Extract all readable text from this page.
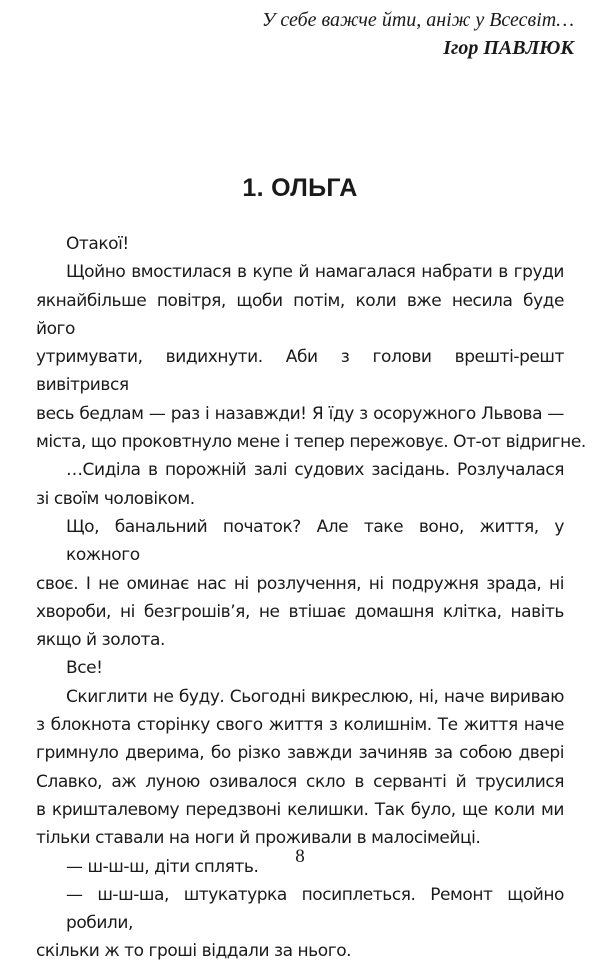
У себе важче йти, аніж у Всесвіт…
Ігор ПАВЛЮК
1. ОЛЬГА
Отакої!
Щойно вмостилася в купе й намагалася набрати в груди
якнайбільше повітря, щоби потім, коли вже несила буде його
утримувати, видихнути. Аби з голови врешті-решт вивітрився
весь бедлам — раз і назавжди! Я їду з осоружного Львова —
міста, що проковтнуло мене і тепер пережовує. От-от відригне.
…Сиділа в порожній залі судових засідань. Розлучалася
зі своїм чоловіком.
Що, банальний початок? Але таке воно, життя, у кожного
своє. І не оминає нас ні розлучення, ні подружня зрада, ні
хвороби, ні безгрошів’я, не втішає домашня клітка, навіть
якщо й золота.
Все!
Скиглити не буду. Сьогодні викреслюю, ні, наче вириваю
з блокнота сторінку свого життя з колишнім. Те життя наче
гримнуло дверима, бо різко завжди зачиняв за собою двері
Славко, аж луною озивалося скло в серванті й трусилися
в кришталевому передзвоні келишки. Так було, ще коли ми
тільки ставали на ноги й проживали в малосімейці.
— ш-ш-ш, діти сплять.
— ш-ш-ша, штукатурка посиплеться. Ремонт щойно робили,
скільки ж то гроші віддали за нього.
8
